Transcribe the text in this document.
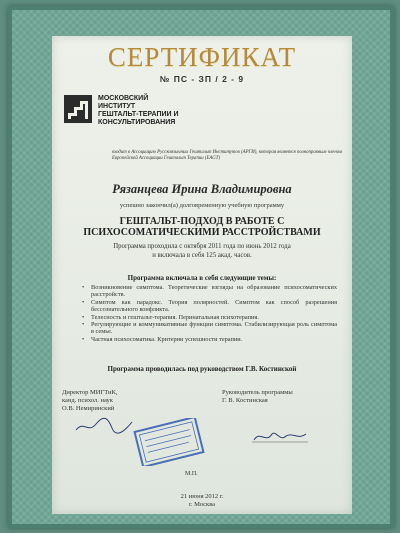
СЕРТИФИКАТ
№ ПС - ЗП / 2 - 9
МОСКОВСКИЙ
ИНСТИТУТ
ГЕШТАЛЬТ-ТЕРАПИИ И
КОНСУЛЬТИРОВАНИЯ
входит в Ассоциацию Русскоязычных Гештальт Институтов (АРГИ), которая является полноправным членом Европейской Ассоциации Гештальт Терапии (EAGT)
Рязанцева Ирина Владимировна
успешно закончил(а) долговременную учебную программу
ГЕШТАЛЬТ-ПОДХОД В РАБОТЕ С
ПСИХОСОМАТИЧЕСКИМИ РАССТРОЙСТВАМИ
Программа проходила с октября 2011 года по июнь 2012 года
и включала в себя 125 акад. часов.
Программа включала в себя следующие темы:
• Возникновение симптома. Теоретические взгляды на образование психосоматических расстройств.
• Симптом как парадокс. Теория полярностей. Симптом как способ разрешения бессознательного конфликта.
• Телесность и гештальт-терапия. Перинатальная психотерапия.
• Регулирующие и коммуникативные функции симптома. Стабилизирующая роль симптома в семье.
• Частная психосоматика. Критерии успешности терапии.
Программа проводилась под руководством Г.В. Костинской
Директор МИГТиК,
канд. психол. наук
О.В. Немиринский
Руководитель программы
Г. В. Костинская
М.П.
21 июня 2012 г.
г. Москва
